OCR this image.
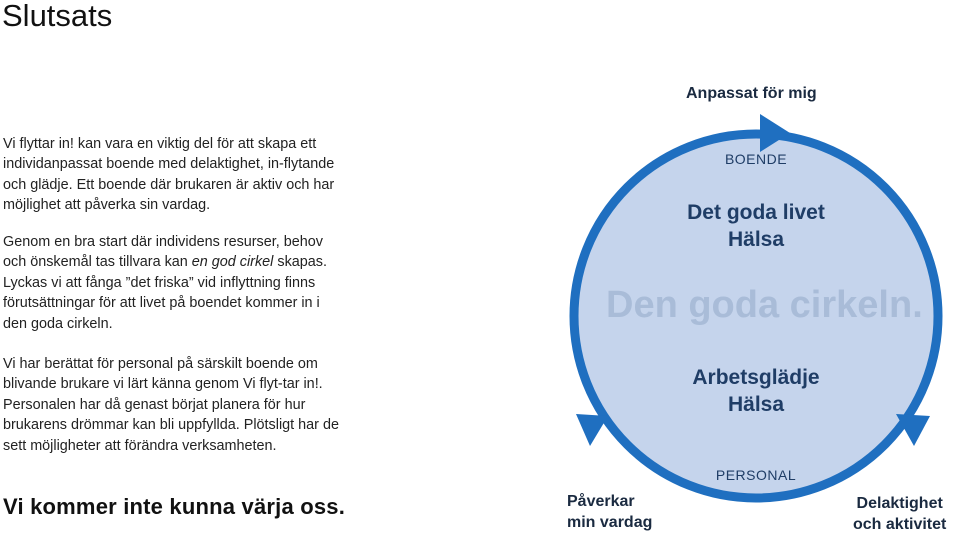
Slutsats

Vi flyttar in! kan vara en viktig del för att skapa ett individanpassat boende med delaktighet, in-flytande och glädje. Ett boende där brukaren är aktiv och har möjlighet att påverka sin vardag.

Genom en bra start där individens resurser, behov och önskemål tas tillvara kan en god cirkel skapas. Lyckas vi att fånga ”det friska” vid inflyttning finns förutsättningar för att livet på boendet kommer in i den goda cirkeln.

Vi har berättat för personal på särskilt boende om blivande brukare vi lärt känna genom Vi flyt-tar in!. Personalen har då genast börjat planera för hur brukarens drömmar kan bli uppfyllda. Plötsligt har de sett möjligheter att förändra verksamheten.

Vi kommer inte kunna värja oss.
Anpassat för mig
Påverkar
min vardag
Delaktighet
och aktivitet
BOENDE
Det goda livet
Hälsa
Den goda cirkeln.
Arbetsglädje
Hälsa
PERSONAL
